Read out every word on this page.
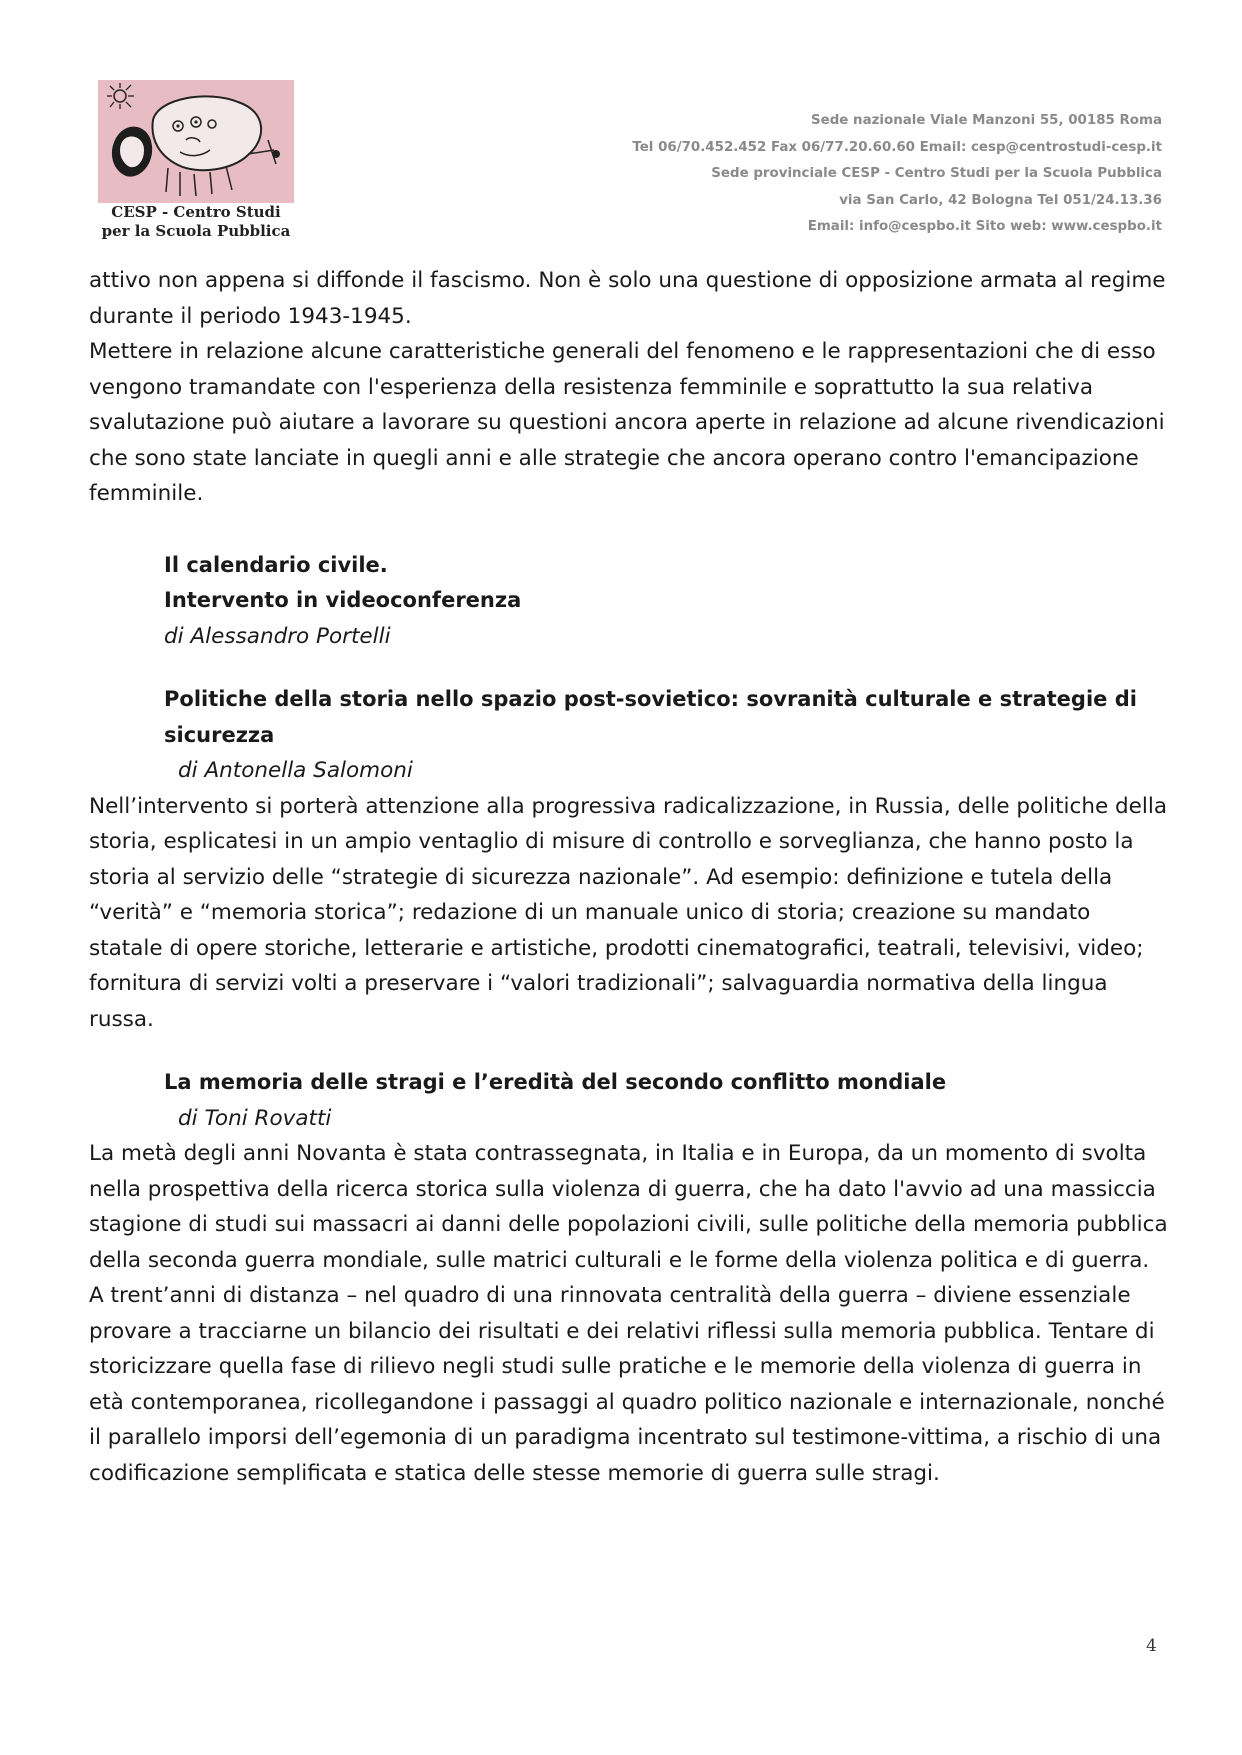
CESP - Centro Studi
per la Scuola Pubblica
Sede nazionale Viale Manzoni 55, 00185 Roma
Tel 06/70.452.452 Fax 06/77.20.60.60 Email: cesp@centrostudi-cesp.it
Sede provinciale CESP - Centro Studi per la Scuola Pubblica
via San Carlo, 42 Bologna Tel 051/24.13.36
Email: info@cespbo.it Sito web: www.cespbo.it

attivo non appena si diffonde il fascismo. Non è solo una questione di opposizione armata al regime durante il periodo 1943-1945.

Mettere in relazione alcune caratteristiche generali del fenomeno e le rappresentazioni che di esso vengono tramandate con l'esperienza della resistenza femminile e soprattutto la sua relativa svalutazione può aiutare a lavorare su questioni ancora aperte in relazione ad alcune rivendicazioni che sono state lanciate in quegli anni e alle strategie che ancora operano contro l'emancipazione femminile.

Il calendario civile.

Intervento in videoconferenza

di Alessandro Portelli

Politiche della storia nello spazio post-sovietico: sovranità culturale e strategie di sicurezza

di Antonella Salomoni

Nell’intervento si porterà attenzione alla progressiva radicalizzazione, in Russia, delle politiche della storia, esplicatesi in un ampio ventaglio di misure di controllo e sorveglianza, che hanno posto la storia al servizio delle “strategie di sicurezza nazionale”. Ad esempio: definizione e tutela della “verità” e “memoria storica”; redazione di un manuale unico di storia; creazione su mandato statale di opere storiche, letterarie e artistiche, prodotti cinematografici, teatrali, televisivi, video; fornitura di servizi volti a preservare i “valori tradizionali”; salvaguardia normativa della lingua russa.

La memoria delle stragi e l’eredità del secondo conflitto mondiale

di Toni Rovatti

La metà degli anni Novanta è stata contrassegnata, in Italia e in Europa, da un momento di svolta nella prospettiva della ricerca storica sulla violenza di guerra, che ha dato l'avvio ad una massiccia stagione di studi sui massacri ai danni delle popolazioni civili, sulle politiche della memoria pubblica della seconda guerra mondiale, sulle matrici culturali e le forme della violenza politica e di guerra. A trent’anni di distanza – nel quadro di una rinnovata centralità della guerra – diviene essenziale provare a tracciarne un bilancio dei risultati e dei relativi riflessi sulla memoria pubblica. Tentare di storicizzare quella fase di rilievo negli studi sulle pratiche e le memorie della violenza di guerra in età contemporanea, ricollegandone i passaggi al quadro politico nazionale e internazionale, nonché il parallelo imporsi dell’egemonia di un paradigma incentrato sul testimone-vittima, a rischio di una codificazione semplificata e statica delle stesse memorie di guerra sulle stragi.

4
